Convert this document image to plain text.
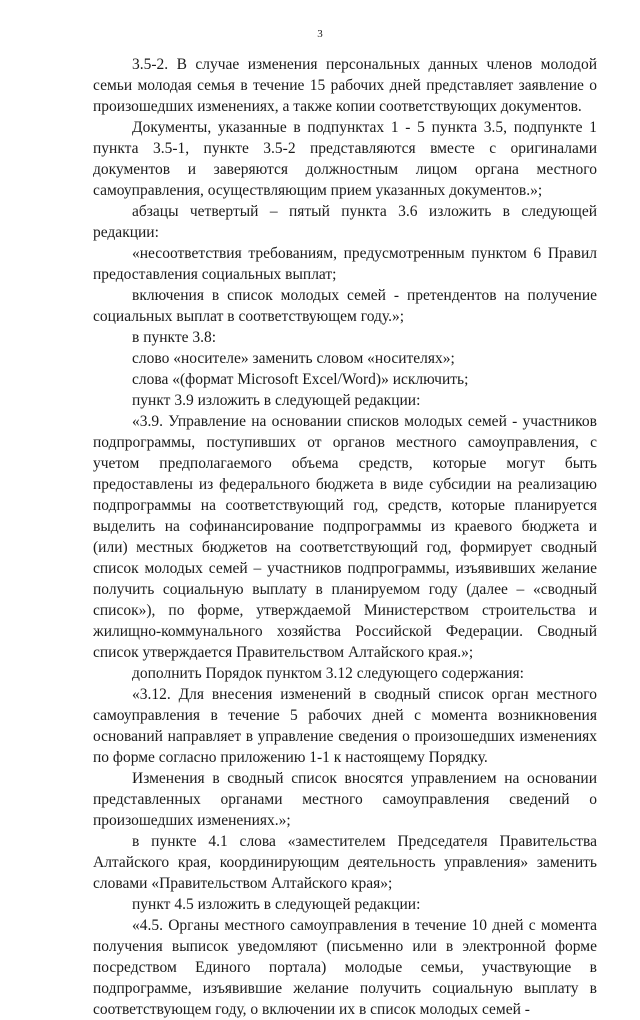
3

3.5-2. В случае изменения персональных данных членов молодой семьи молодая семья в течение 15 рабочих дней представляет заявление о произошедших изменениях, а также копии соответствующих документов.

Документы, указанные в подпунктах 1 - 5 пункта 3.5, подпункте 1 пункта 3.5-1, пункте 3.5-2 представляются вместе с оригиналами документов и заверяются должностным лицом органа местного самоуправления, осуществляющим прием указанных документов.»;

абзацы четвертый – пятый пункта 3.6 изложить в следующей редакции:

«несоответствия требованиям, предусмотренным пунктом 6 Правил предоставления социальных выплат;

включения в список молодых семей - претендентов на получение социальных выплат в соответствующем году.»;

в пункте 3.8:

слово «носителе» заменить словом «носителях»;

слова «(формат Microsoft Excel/Word)» исключить;

пункт 3.9 изложить в следующей редакции:

«3.9. Управление на основании списков молодых семей - участников подпрограммы, поступивших от органов местного самоуправления, с учетом предполагаемого объема средств, которые могут быть предоставлены из федерального бюджета в виде субсидии на реализацию подпрограммы на соответствующий год, средств, которые планируется выделить на софинансирование подпрограммы из краевого бюджета и (или) местных бюджетов на соответствующий год, формирует сводный список молодых семей – участников подпрограммы, изъявивших желание получить социальную выплату в планируемом году (далее – «сводный список»), по форме, утверждаемой Министерством строительства и жилищно-коммунального хозяйства Российской Федерации. Сводный список утверждается Правительством Алтайского края.»;

дополнить Порядок пунктом 3.12 следующего содержания:

«3.12. Для внесения изменений в сводный список орган местного самоуправления в течение 5 рабочих дней с момента возникновения оснований направляет в управление сведения о произошедших изменениях по форме согласно приложению 1-1 к настоящему Порядку.

Изменения в сводный список вносятся управлением на основании представленных органами местного самоуправления сведений о произошедших изменениях.»;

в пункте 4.1 слова «заместителем Председателя Правительства Алтайского края, координирующим деятельность управления» заменить словами «Правительством Алтайского края»;

пункт 4.5 изложить в следующей редакции:

«4.5. Органы местного самоуправления в течение 10 дней с момента получения выписок уведомляют (письменно или в электронной форме посредством Единого портала) молодые семьи, участвующие в подпрограмме, изъявившие желание получить социальную выплату в соответствующем году, о включении их в список молодых семей -
